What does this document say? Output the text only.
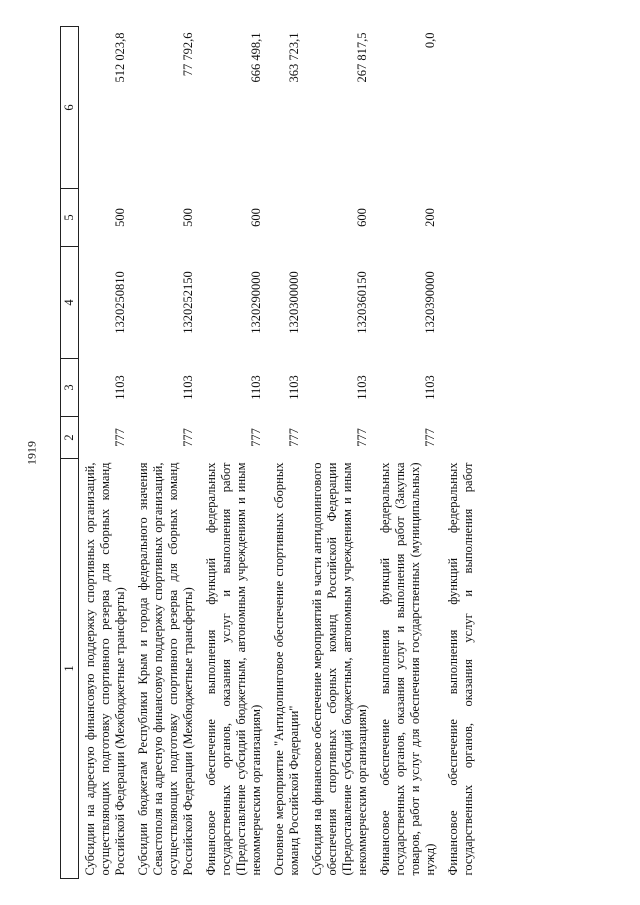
1919
1	2	3	4	5	6
Субсидии на адресную финансовую поддержку спортивных организаций, осуществляющих подготовку спортивного резерва для сборных команд Российской Федерации (Межбюджетные трансферты)	777	1103	1320250810	500	512 023,8
Субсидии бюджетам Республики Крым и города федерального значения Севастополя на адресную финансовую поддержку спортивных организаций, осуществляющих подготовку спортивного резерва для сборных команд Российской Федерации (Межбюджетные трансферты)	777	1103	1320252150	500	77 792,6
Финансовое обеспечение выполнения функций федеральных государственных органов, оказания услуг и выполнения работ (Предоставление субсидий бюджетным, автономным учреждениям и иным некоммерческим организациям)	777	1103	1320290000	600	666 498,1
Основное мероприятие "Антидопинговое обеспечение спортивных сборных команд Российской Федерации"	777	1103	1320300000		363 723,1
Субсидия на финансовое обеспечение мероприятий в части антидопингового обеспечения спортивных сборных команд Российской Федерации (Предоставление субсидий бюджетным, автономным учреждениям и иным некоммерческим организациям)	777	1103	1320360150	600	267 817,5
Финансовое обеспечение выполнения функций федеральных государственных органов, оказания услуг и выполнения работ (Закупка товаров, работ и услуг для обеспечения государственных (муниципальных) нужд)	777	1103	1320390000	200	0,0
Финансовое обеспечение выполнения функций федеральных государственных органов, оказания услуг и выполнения работ					
